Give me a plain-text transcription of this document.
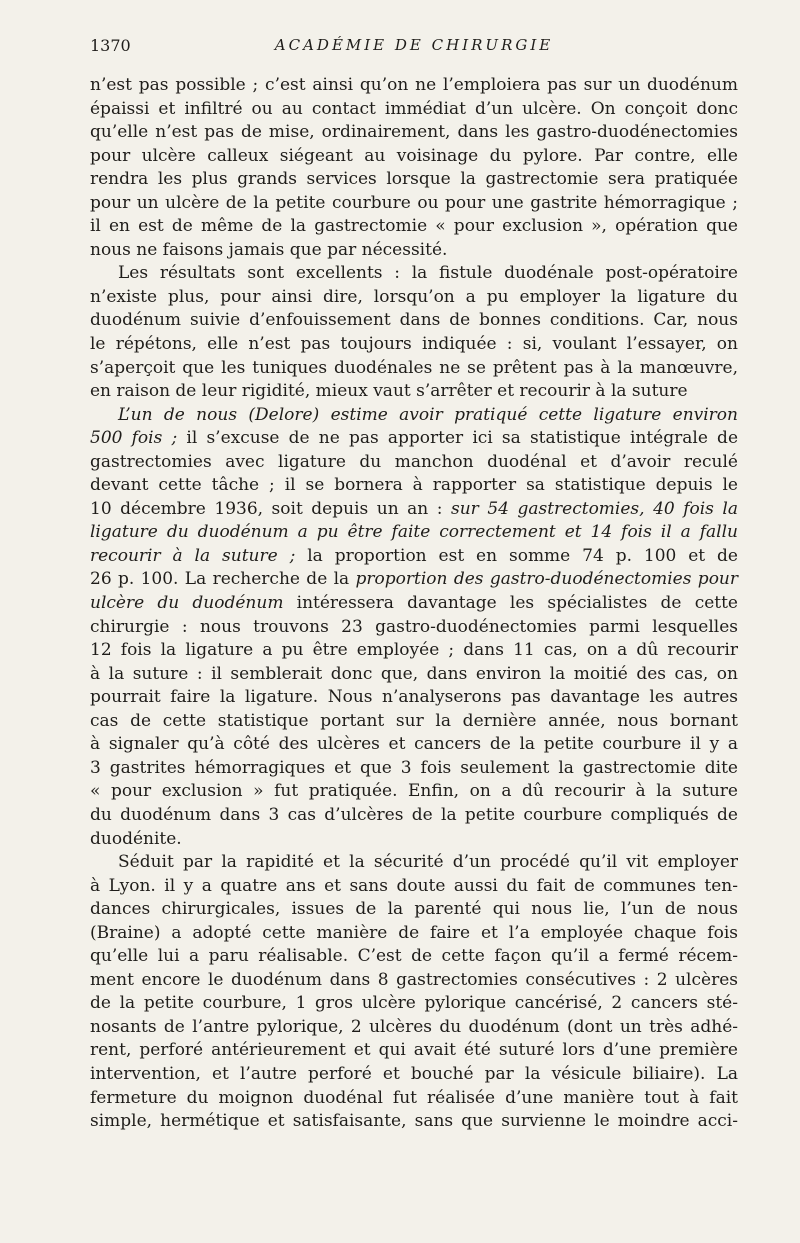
1370	ACADÉMIE DE CHIRURGIE
n’est pas possible ; c’est ainsi qu’on ne l’emploiera pas sur un duodénum
épaissi et infiltré ou au contact immédiat d’un ulcère. On conçoit donc
qu’elle n’est pas de mise, ordinairement, dans les gastro-duodénectomies
pour ulcère calleux siégeant au voisinage du pylore. Par contre, elle
rendra les plus grands services lorsque la gastrectomie sera pratiquée
pour un ulcère de la petite courbure ou pour une gastrite hémorragique ;
il en est de même de la gastrectomie « pour exclusion », opération que
nous ne faisons jamais que par nécessité.
Les résultats sont excellents : la fistule duodénale post-opératoire
n’existe plus, pour ainsi dire, lorsqu’on a pu employer la ligature du
duodénum suivie d’enfouissement dans de bonnes conditions. Car, nous
le répétons, elle n’est pas toujours indiquée : si, voulant l’essayer, on
s’aperçoit que les tuniques duodénales ne se prêtent pas à la manœuvre,
en raison de leur rigidité, mieux vaut s’arrêter et recourir à la suture
L’un de nous (Delore) estime avoir pratiqué cette ligature environ
500 fois ; il s’excuse de ne pas apporter ici sa statistique intégrale de
gastrectomies avec ligature du manchon duodénal et d’avoir reculé
devant cette tâche ; il se bornera à rapporter sa statistique depuis le
10 décembre 1936, soit depuis un an : sur 54 gastrectomies, 40 fois la
ligature du duodénum a pu être faite correctement et 14 fois il a fallu
recourir à la suture ; la proportion est en somme 74 p. 100 et de
26 p. 100. La recherche de la proportion des gastro-duodénectomies pour
ulcère du duodénum intéressera davantage les spécialistes de cette
chirurgie : nous trouvons 23 gastro-duodénectomies parmi lesquelles
12 fois la ligature a pu être employée ; dans 11 cas, on a dû recourir
à la suture : il semblerait donc que, dans environ la moitié des cas, on
pourrait faire la ligature. Nous n’analyserons pas davantage les autres
cas de cette statistique portant sur la dernière année, nous bornant
à signaler qu’à côté des ulcères et cancers de la petite courbure il y a
3 gastrites hémorragiques et que 3 fois seulement la gastrectomie dite
« pour exclusion » fut pratiquée. Enfin, on a dû recourir à la suture
du duodénum dans 3 cas d’ulcères de la petite courbure compliqués de
duodénite.
Séduit par la rapidité et la sécurité d’un procédé qu’il vit employer
à Lyon. il y a quatre ans et sans doute aussi du fait de communes ten-
dances chirurgicales, issues de la parenté qui nous lie, l’un de nous
(Braine) a adopté cette manière de faire et l’a employée chaque fois
qu’elle lui a paru réalisable. C’est de cette façon qu’il a fermé récem-
ment encore le duodénum dans 8 gastrectomies consécutives : 2 ulcères
de la petite courbure, 1 gros ulcère pylorique cancérisé, 2 cancers sté-
nosants de l’antre pylorique, 2 ulcères du duodénum (dont un très adhé-
rent, perforé antérieurement et qui avait été suturé lors d’une première
intervention, et l’autre perforé et bouché par la vésicule biliaire). La
fermeture du moignon duodénal fut réalisée d’une manière tout à fait
simple, hermétique et satisfaisante, sans que survienne le moindre acci-
